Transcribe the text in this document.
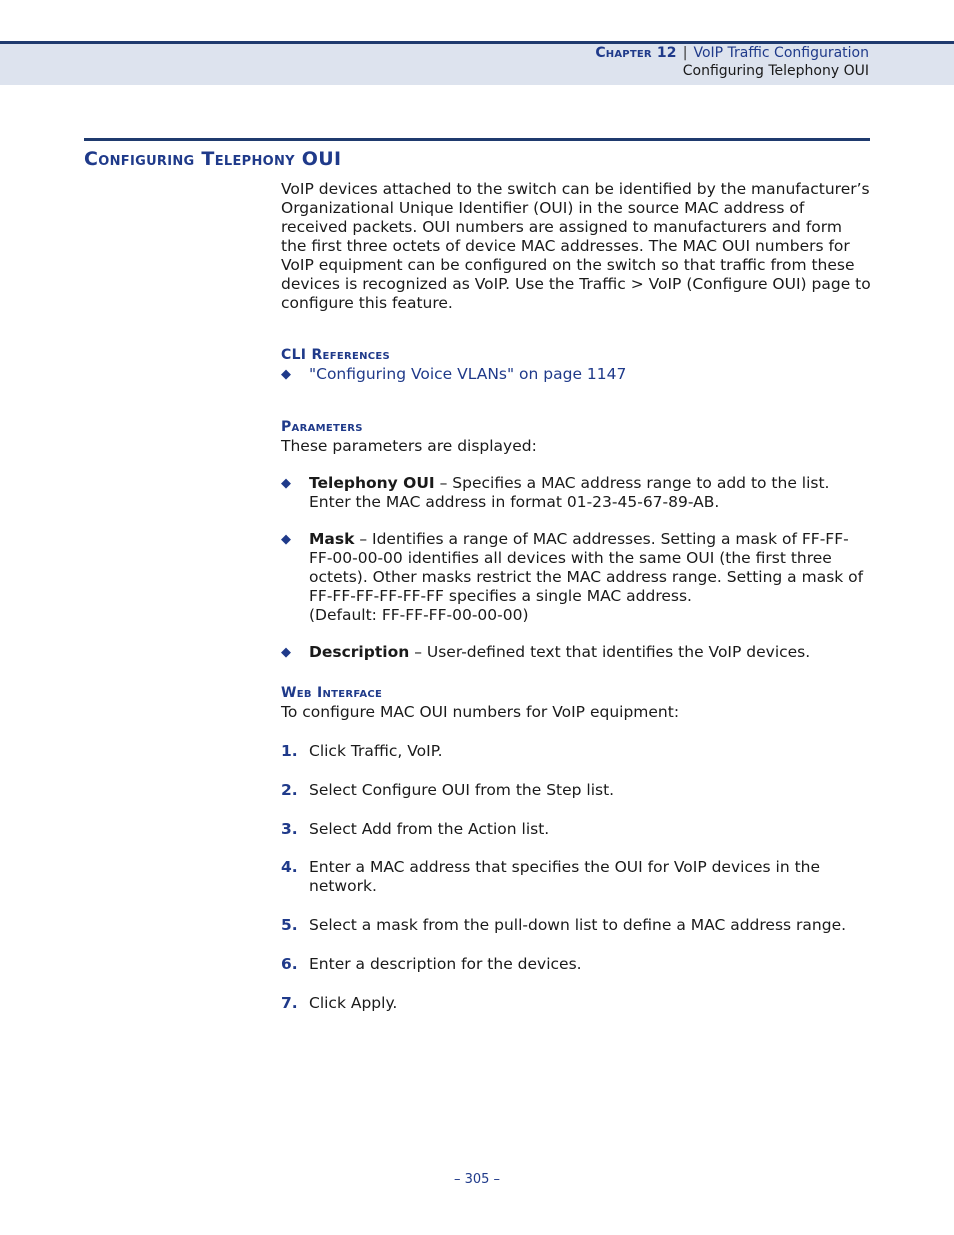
Chapter 12 | VoIP Traffic Configuration
Configuring Telephony OUI
Configuring Telephony OUI

VoIP devices attached to the switch can be identified by the manufacturer’s Organizational Unique Identifier (OUI) in the source MAC address of received packets. OUI numbers are assigned to manufacturers and form the first three octets of device MAC addresses. The MAC OUI numbers for VoIP equipment can be configured on the switch so that traffic from these devices is recognized as VoIP. Use the Traffic > VoIP (Configure OUI) page to configure this feature.

CLI References

◆ "Configuring Voice VLANs" on page 1147

Parameters

These parameters are displayed:

◆ Telephony OUI – Specifies a MAC address range to add to the list. Enter the MAC address in format 01-23-45-67-89-AB.
◆ Mask – Identifies a range of MAC addresses. Setting a mask of FF-FF-FF-00-00-00 identifies all devices with the same OUI (the first three octets). Other masks restrict the MAC address range. Setting a mask of FF-FF-FF-FF-FF-FF specifies a single MAC address.
(Default: FF-FF-FF-00-00-00)
◆ Description – User-defined text that identifies the VoIP devices.

Web Interface

To configure MAC OUI numbers for VoIP equipment:

1. Click Traffic, VoIP.
2. Select Configure OUI from the Step list.
3. Select Add from the Action list.
4. Enter a MAC address that specifies the OUI for VoIP devices in the network.
5. Select a mask from the pull-down list to define a MAC address range.
6. Enter a description for the devices.
7. Click Apply.
– 305 –
